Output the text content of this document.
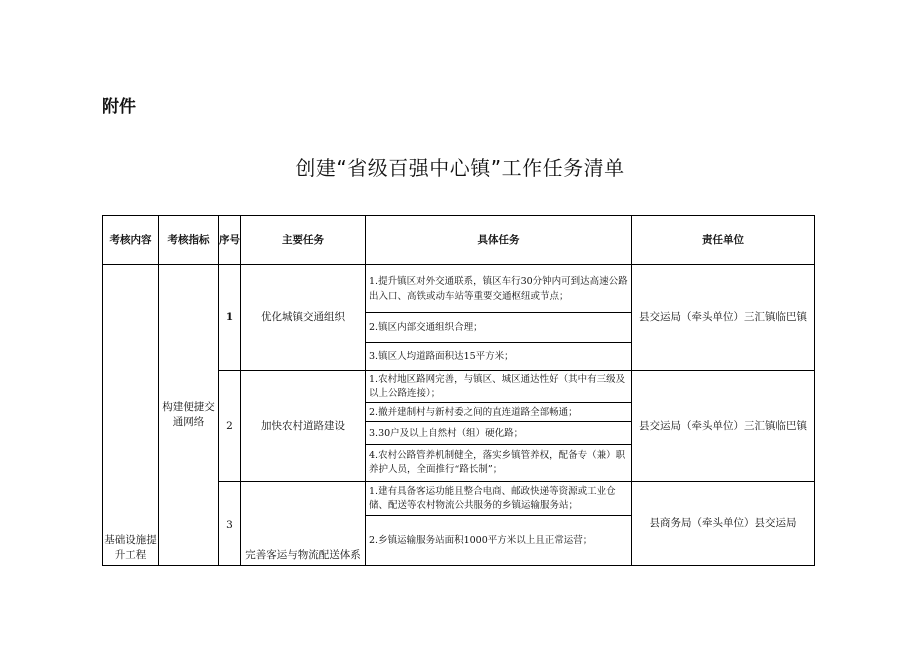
附件
创建“省级百强中心镇”工作任务清单
考核内容	考核指标	序号	主要任务	具体任务	责任单位
基础设施提升工程	构建便捷交通网络	1	优化城镇交通组织	1.提升镇区对外交通联系，镇区车行30分钟内可到达高速公路出入口、高铁或动车站等重要交通枢纽或节点；	县交运局（牵头单位）三汇镇临巴镇
				2.镇区内部交通组织合理；	
				3.镇区人均道路面积达15平方米；	
		2	加快农村道路建设	1.农村地区路网完善，与镇区、城区通达性好（其中有三级及以上公路连接）；	县交运局（牵头单位）三汇镇临巴镇
				2.撤并建制村与新村委之间的直连道路全部畅通；	
				3.30户及以上自然村（组）硬化路；	
				4.农村公路管养机制健全，落实乡镇管养权，配备专（兼）职养护人员，全面推行“路长制”；	
		3	完善客运与物流配送体系	1.建有具备客运功能且整合电商、邮政快递等资源或工业仓储、配送等农村物流公共服务的乡镇运输服务站；	县商务局（牵头单位）县交运局
				2.乡镇运输服务站面积1000平方米以上且正常运营；	
